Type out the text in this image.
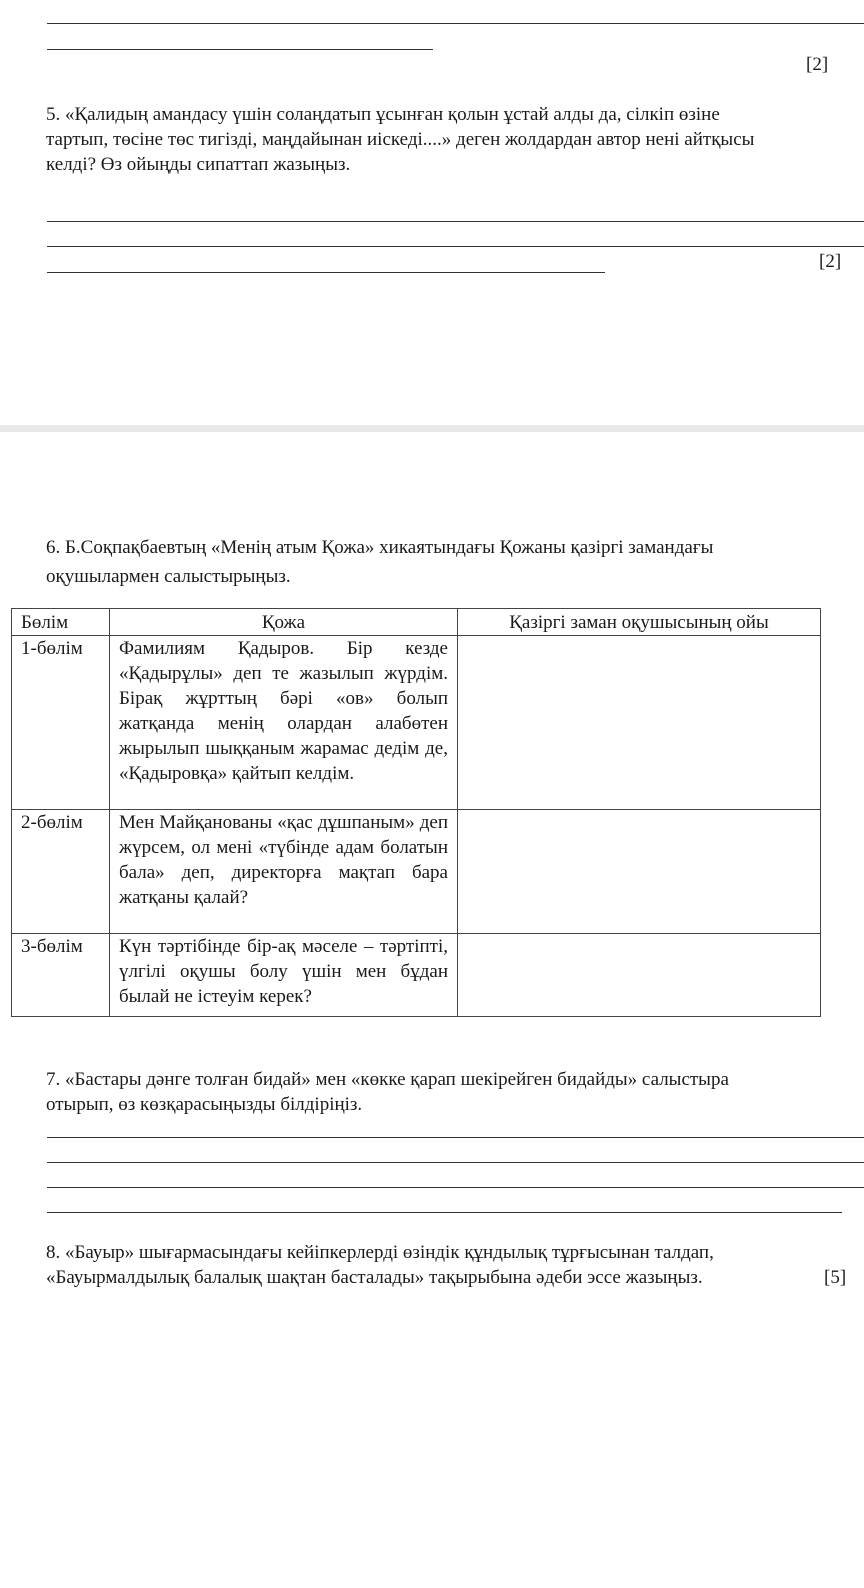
[2]
5. «Қалидың амандасу үшін солаңдатып ұсынған қолын ұстай алды да, сілкіп өзіне
тартып, төсіне төс тигізді, маңдайынан иіскеді....» деген жолдардан автор нені айтқысы
келді? Өз ойыңды сипаттап жазыңыз.
[2]
6. Б.Соқпақбаевтың «Менің атым Қожа» хикаятындағы Қожаны қазіргі замандағы
оқушылармен салыстырыңыз.
Бөлім	Қожа	Қазіргі заман оқушысының ойы
1-бөлім	Фамилиям Қадыров. Бір кезде «Қадырұлы» деп те жазылып жүрдім. Бірақ жұрттың бәрі «ов» болып жатқанда менің олардан алабөтен жырылып шыққаным жарамас дедім де, «Қадыровқа» қайтып келдім.	
2-бөлім	Мен Майқанованы «қас дұшпаным» деп жүрсем, ол мені «түбінде адам болатын бала» деп, директорға мақтап бара жатқаны қалай?	
3-бөлім	Күн тәртібінде бір-ақ мәселе – тәртіпті, үлгілі оқушы болу үшін мен бұдан былай не істеуім керек?	
7. «Бастары дәнге толған бидай» мен «көкке қарап шекірейген бидайды» салыстыра
отырып, өз көзқарасыңызды білдіріңіз.
8. «Бауыр» шығармасындағы кейіпкерлерді өзіндік құндылық тұрғысынан талдап,
«Бауырмалдылық балалық шақтан басталады» тақырыбына әдеби эссе жазыңыз.	[5]
